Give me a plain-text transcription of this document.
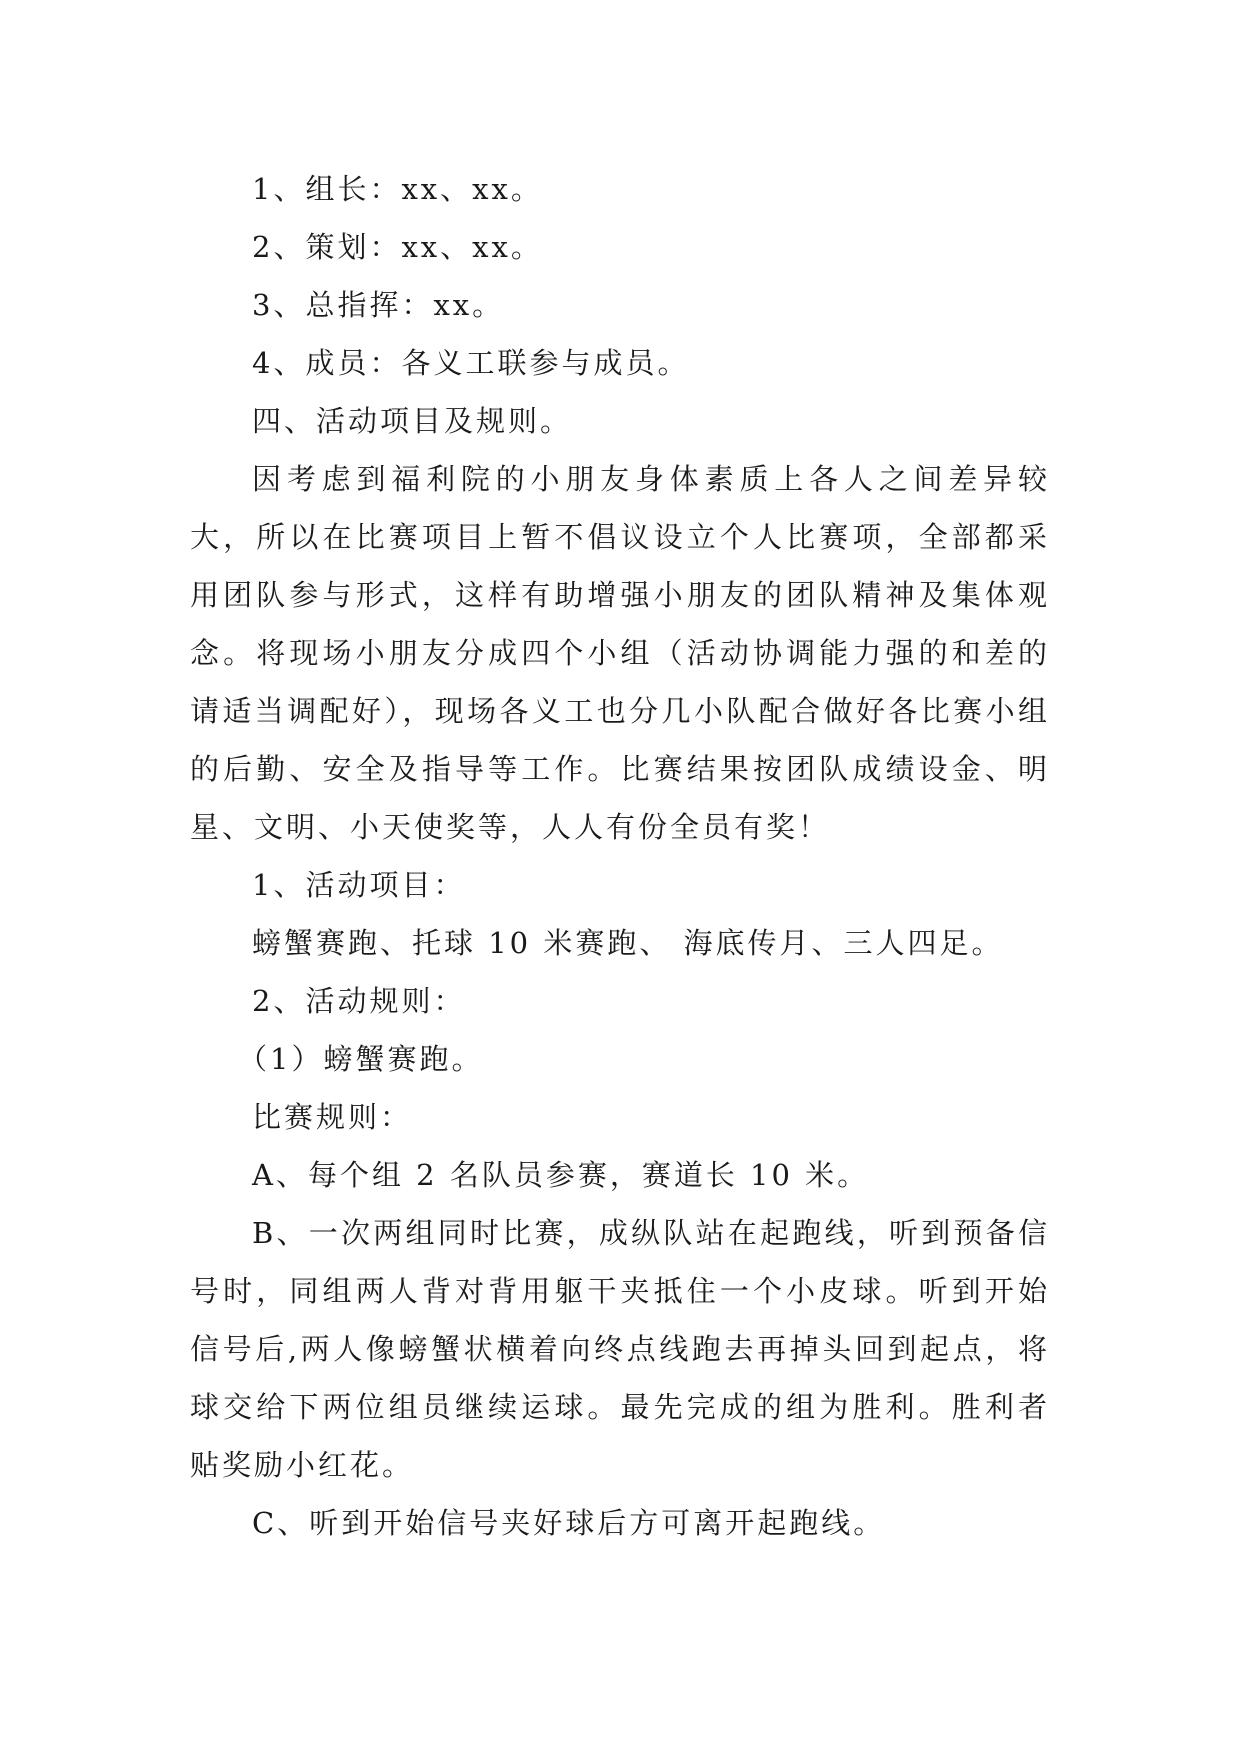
1、组长：xx、xx。

2、策划：xx、xx。

3、总指挥：xx。

4、成员：各义工联参与成员。

四、活动项目及规则。

因考虑到福利院的小朋友身体素质上各人之间差异较大，所以在比赛项目上暂不倡议设立个人比赛项，全部都采用团队参与形式，这样有助增强小朋友的团队精神及集体观念。将现场小朋友分成四个小组（活动协调能力强的和差的请适当调配好），现场各义工也分几小队配合做好各比赛小组的后勤、安全及指导等工作。比赛结果按团队成绩设金、明星、文明、小天使奖等，人人有份全员有奖！

1、活动项目：

螃蟹赛跑、托球 10 米赛跑、 海底传月、三人四足。

2、活动规则：

（1）螃蟹赛跑。

比赛规则：

A、每个组 2 名队员参赛，赛道长 10 米。

B、一次两组同时比赛，成纵队站在起跑线，听到预备信号时，同组两人背对背用躯干夹抵住一个小皮球。听到开始信号后,两人像螃蟹状横着向终点线跑去再掉头回到起点，将球交给下两位组员继续运球。最先完成的组为胜利。胜利者贴奖励小红花。

C、听到开始信号夹好球后方可离开起跑线。
